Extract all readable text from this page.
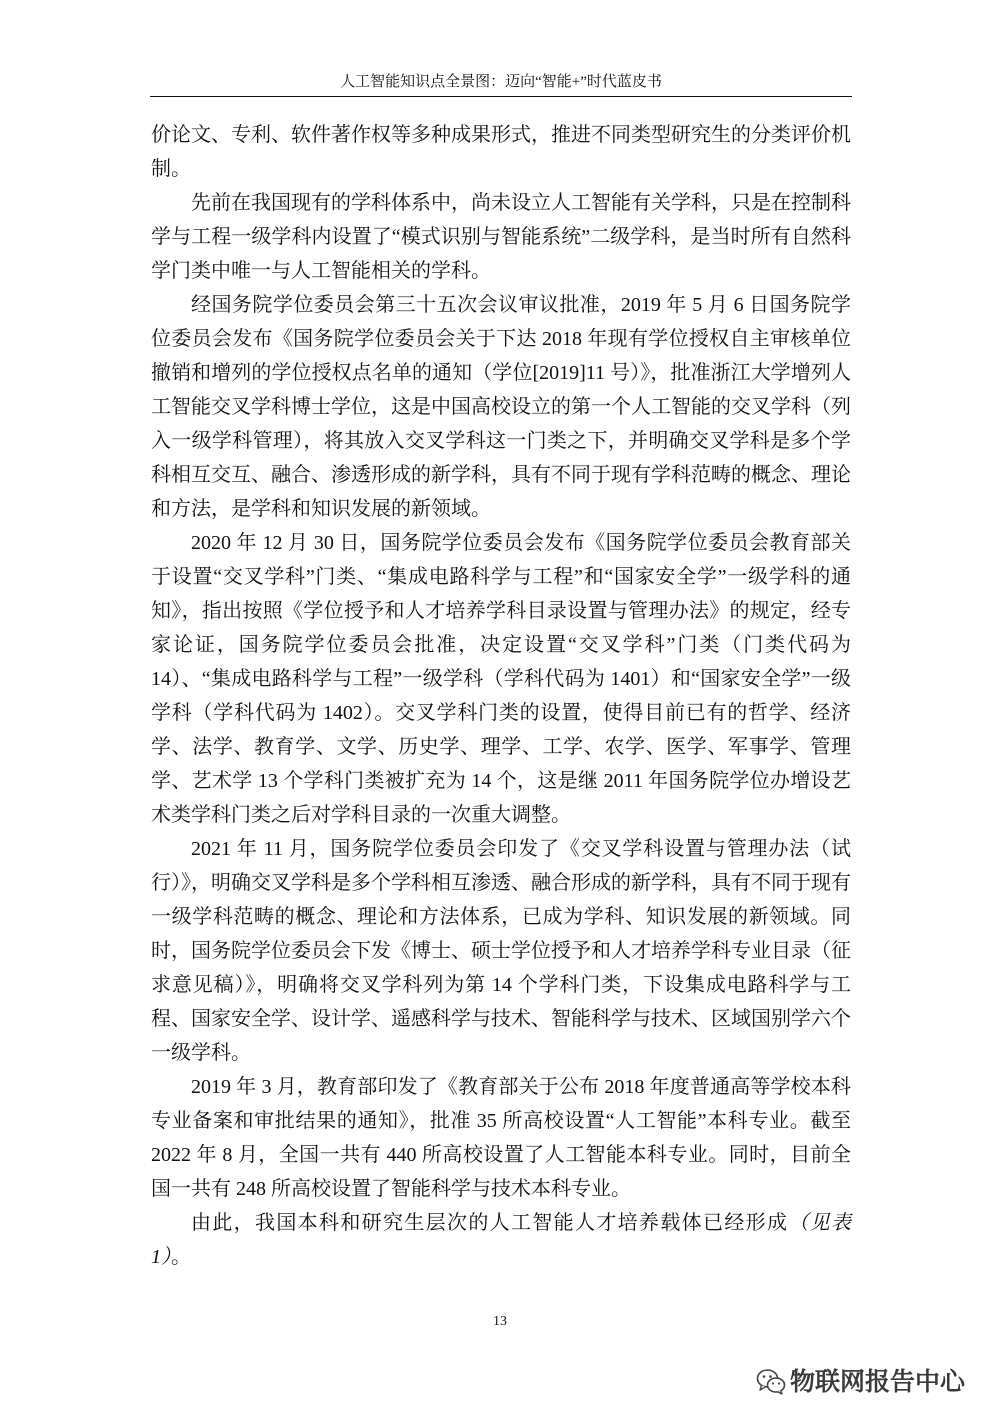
人工智能知识点全景图：迈向“智能+”时代蓝皮书

价论文、专利、软件著作权等多种成果形式，推进不同类型研究生的分类评价机制。

先前在我国现有的学科体系中，尚未设立人工智能有关学科，只是在控制科学与工程一级学科内设置了“模式识别与智能系统”二级学科，是当时所有自然科学门类中唯一与人工智能相关的学科。

经国务院学位委员会第三十五次会议审议批准，2019 年 5 月 6 日国务院学位委员会发布《国务院学位委员会关于下达 2018 年现有学位授权自主审核单位撤销和增列的学位授权点名单的通知（学位[2019]11 号）》，批准浙江大学增列人工智能交叉学科博士学位，这是中国高校设立的第一个人工智能的交叉学科（列入一级学科管理），将其放入交叉学科这一门类之下，并明确交叉学科是多个学科相互交互、融合、渗透形成的新学科，具有不同于现有学科范畴的概念、理论和方法，是学科和知识发展的新领域。

2020 年 12 月 30 日，国务院学位委员会发布《国务院学位委员会教育部关于设置“交叉学科”门类、“集成电路科学与工程”和“国家安全学”一级学科的通知》，指出按照《学位授予和人才培养学科目录设置与管理办法》的规定，经专家论证，国务院学位委员会批准，决定设置“交叉学科”门类（门类代码为 14）、“集成电路科学与工程”一级学科（学科代码为 1401）和“国家安全学”一级学科（学科代码为 1402）。交叉学科门类的设置，使得目前已有的哲学、经济学、法学、教育学、文学、历史学、理学、工学、农学、医学、军事学、管理学、艺术学 13 个学科门类被扩充为 14 个，这是继 2011 年国务院学位办增设艺术类学科门类之后对学科目录的一次重大调整。

2021 年 11 月，国务院学位委员会印发了《交叉学科设置与管理办法（试行）》，明确交叉学科是多个学科相互渗透、融合形成的新学科，具有不同于现有一级学科范畴的概念、理论和方法体系，已成为学科、知识发展的新领域。同时，国务院学位委员会下发《博士、硕士学位授予和人才培养学科专业目录（征求意见稿）》，明确将交叉学科列为第 14 个学科门类，下设集成电路科学与工程、国家安全学、设计学、遥感科学与技术、智能科学与技术、区域国别学六个一级学科。

2019 年 3 月，教育部印发了《教育部关于公布 2018 年度普通高等学校本科专业备案和审批结果的通知》，批准 35 所高校设置“人工智能”本科专业。截至 2022 年 8 月，全国一共有 440 所高校设置了人工智能本科专业。同时，目前全国一共有 248 所高校设置了智能科学与技术本科专业。

由此，我国本科和研究生层次的人工智能人才培养载体已经形成（见表 1）。

13
物联网报告中心
